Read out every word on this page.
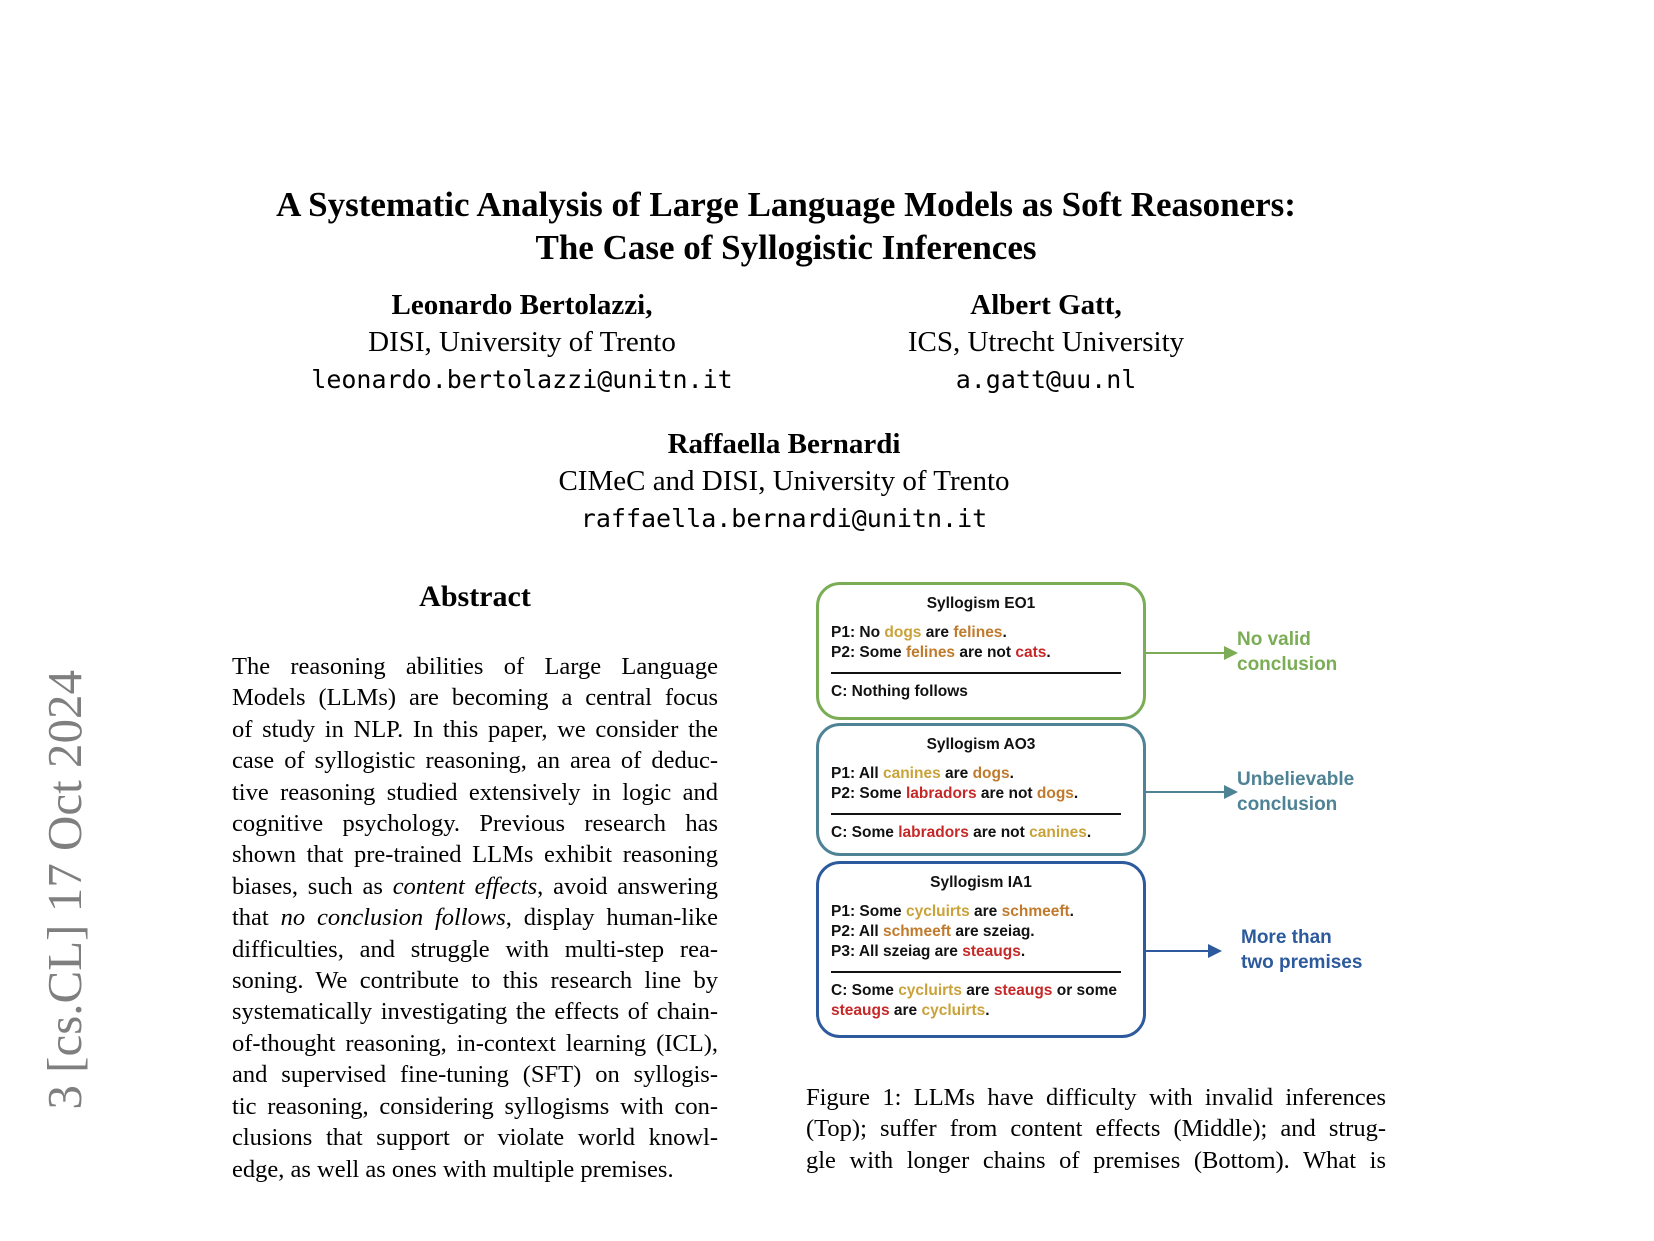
3 [cs.CL] 17 Oct 2024
A Systematic Analysis of Large Language Models as Soft Reasoners:
The Case of Syllogistic Inferences
Leonardo Bertolazzi,
DISI, University of Trento
leonardo.bertolazzi@unitn.it
Albert Gatt,
ICS, Utrecht University
a.gatt@uu.nl
Raffaella Bernardi
CIMeC and DISI, University of Trento
raffaella.bernardi@unitn.it
Abstract
The reasoning abilities of Large Language
Models (LLMs) are becoming a central focus
of study in NLP. In this paper, we consider the
case of syllogistic reasoning, an area of deduc-
tive reasoning studied extensively in logic and
cognitive psychology. Previous research has
shown that pre-trained LLMs exhibit reasoning
biases, such as content effects, avoid answering
that no conclusion follows, display human-like
difficulties, and struggle with multi-step rea-
soning. We contribute to this research line by
systematically investigating the effects of chain-
of-thought reasoning, in-context learning (ICL),
and supervised fine-tuning (SFT) on syllogis-
tic reasoning, considering syllogisms with con-
clusions that support or violate world knowl-
edge, as well as ones with multiple premises.
Syllogism EO1
P1: No dogs are felines.
P2: Some felines are not cats.
C: Nothing follows
No valid
conclusion
Syllogism AO3
P1: All canines are dogs.
P2: Some labradors are not dogs.
C: Some labradors are not canines.
Unbelievable
conclusion
Syllogism IA1
P1: Some cycluirts are schmeeft.
P2: All schmeeft are szeiag.
P3: All szeiag are steaugs.
C: Some cycluirts are steaugs or some
steaugs are cycluirts.
More than
two premises
Figure 1: LLMs have difficulty with invalid inferences
(Top); suffer from content effects (Middle); and strug-
gle with longer chains of premises (Bottom). What is
